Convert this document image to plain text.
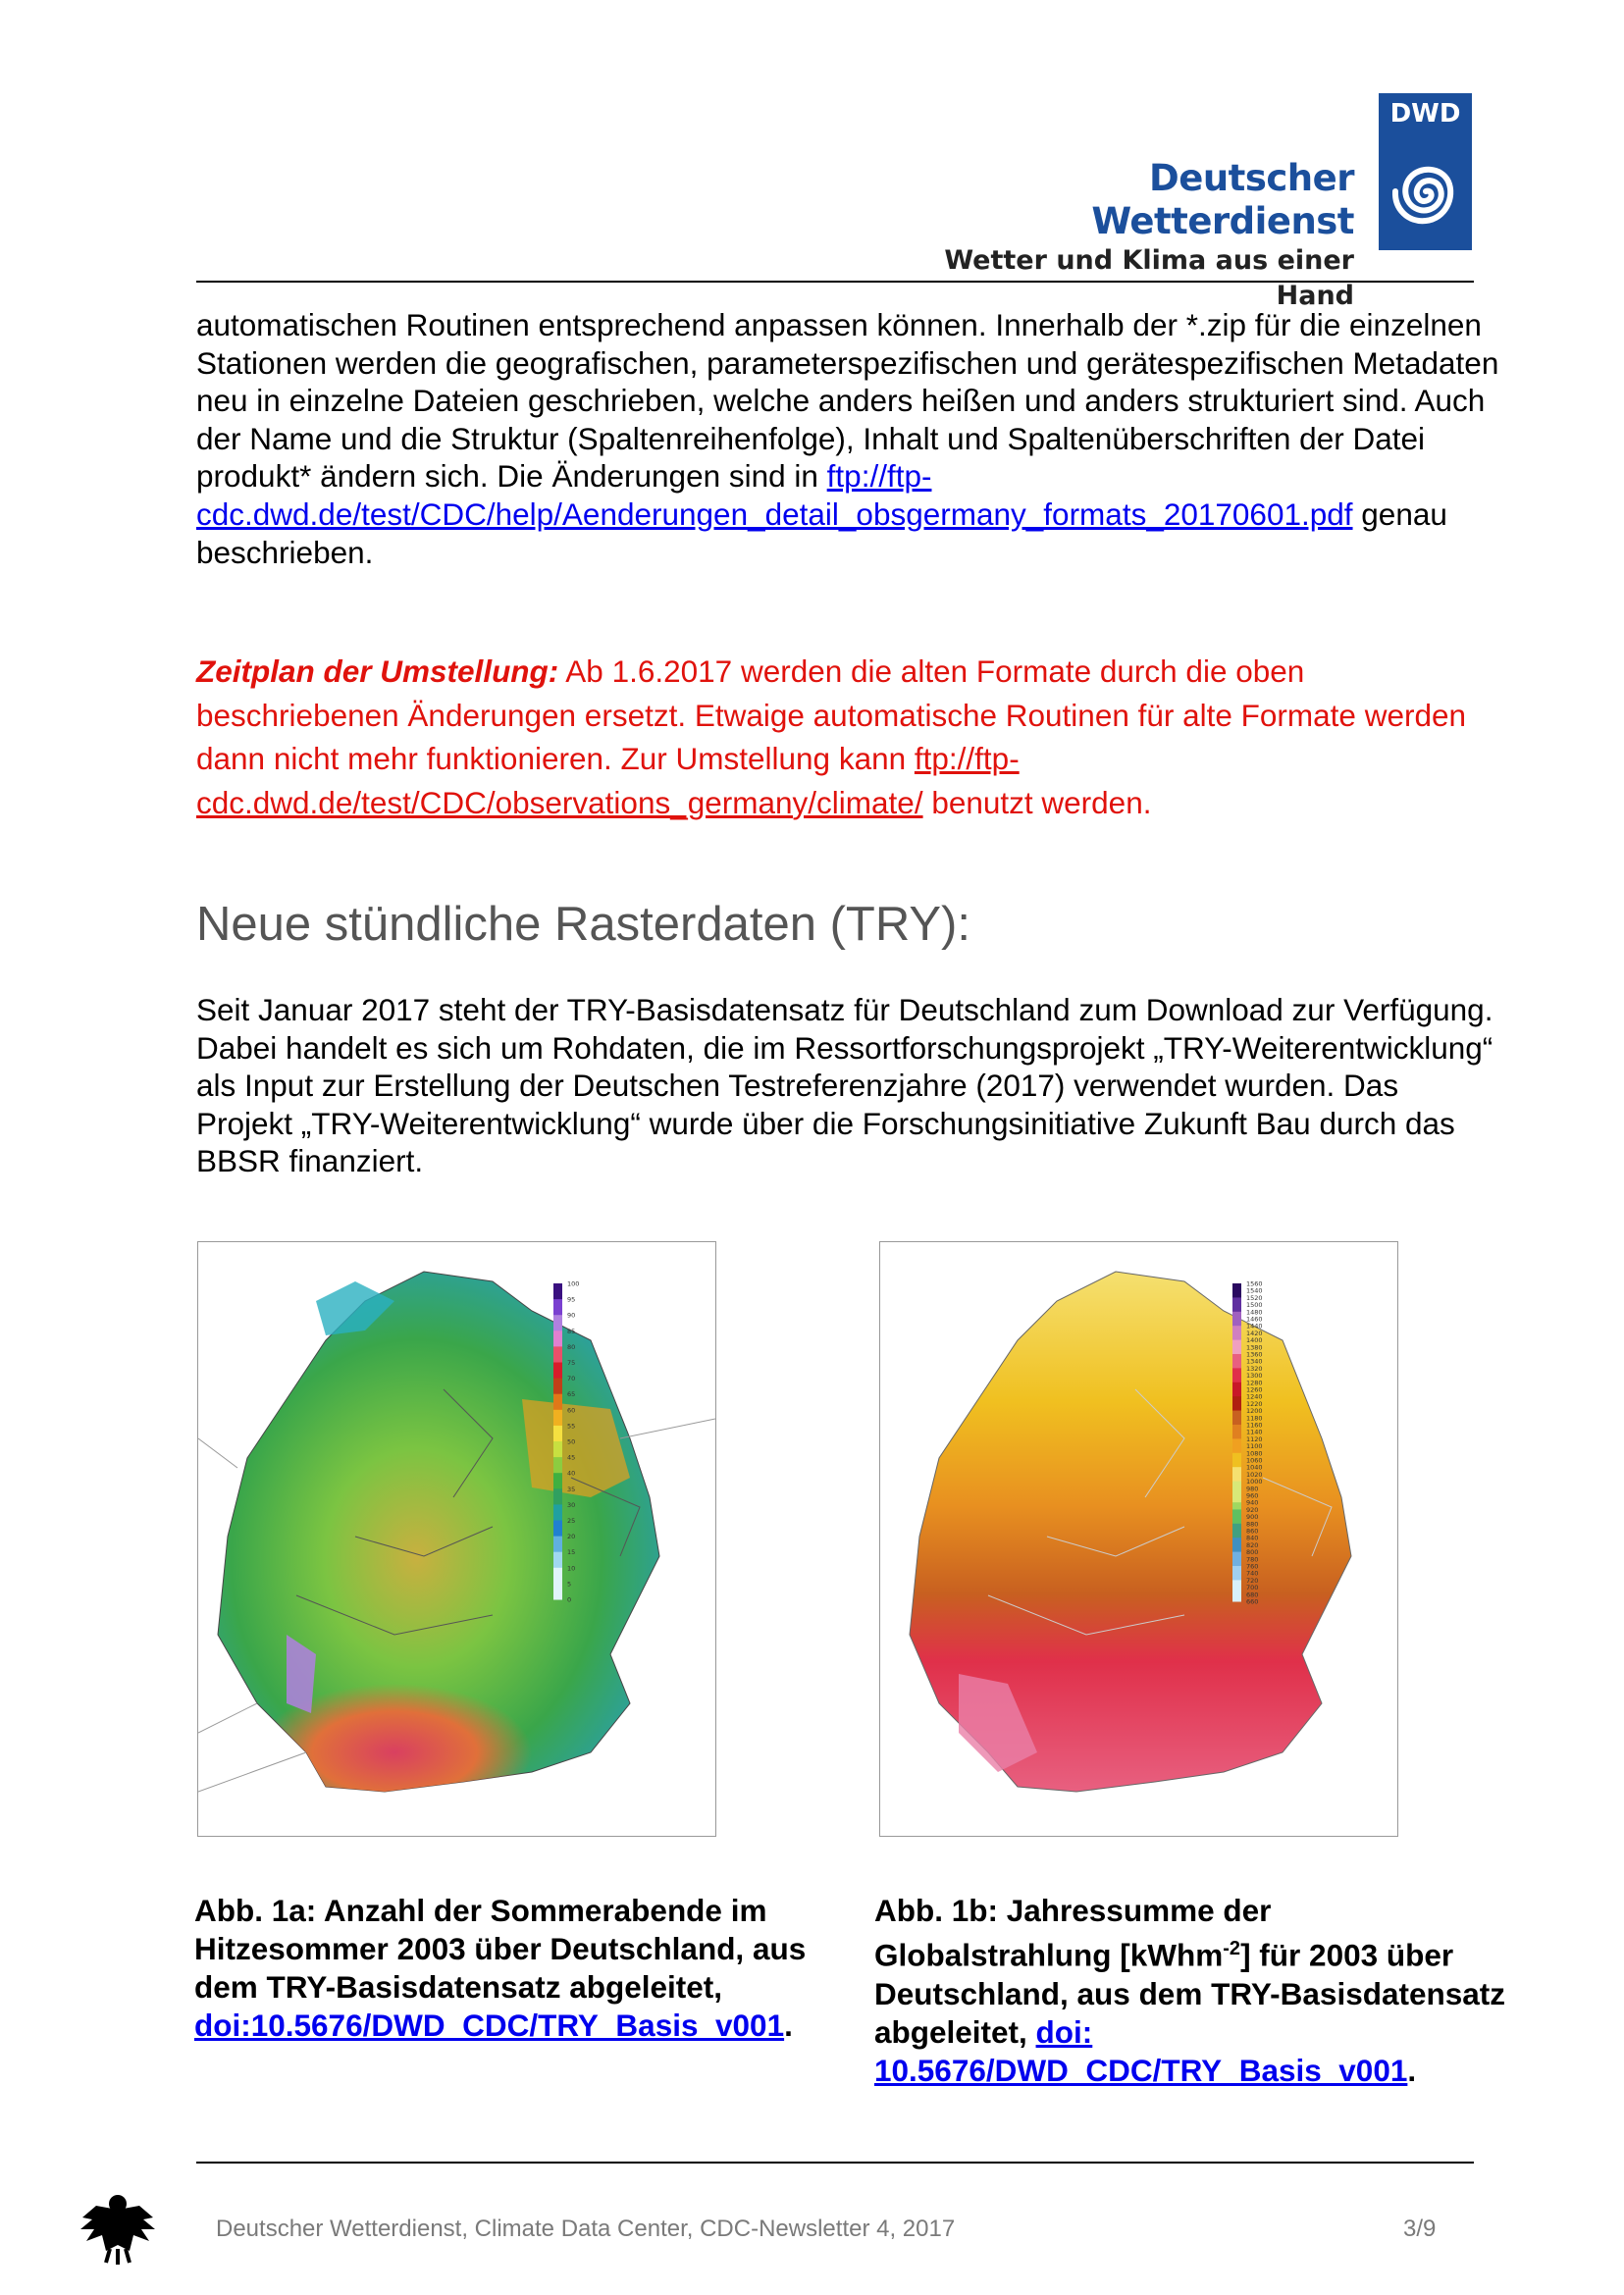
Deutscher Wetterdienst
Wetter und Klima aus einer Hand
DWD
automatischen Routinen entsprechend anpassen können. Innerhalb der *.zip für die einzelnen Stationen werden die geografischen, parameterspezifischen und gerätespezifischen Metadaten neu in einzelne Dateien geschrieben, welche anders heißen und anders strukturiert sind. Auch der Name und die Struktur (Spaltenreihenfolge), Inhalt und Spaltenüberschriften der Datei produkt* ändern sich. Die Änderungen sind in ftp://ftp-cdc.dwd.de/test/CDC/help/Aenderungen_detail_obsgermany_formats_20170601.pdf genau beschrieben.
Zeitplan der Umstellung: Ab 1.6.2017 werden die alten Formate durch die oben beschriebenen Änderungen ersetzt. Etwaige automatische Routinen für alte Formate werden dann nicht mehr funktionieren. Zur Umstellung kann ftp://ftp-cdc.dwd.de/test/CDC/observations_germany/climate/ benutzt werden.
Neue stündliche Rasterdaten (TRY):
Seit Januar 2017 steht der TRY-Basisdatensatz für Deutschland zum Download zur Verfügung. Dabei handelt es sich um Rohdaten, die im Ressortforschungsprojekt „TRY-Weiterentwicklung“ als Input zur Erstellung der Deutschen Testreferenzjahre (2017) verwendet wurden. Das Projekt „TRY-Weiterentwicklung“ wurde über die Forschungsinitiative Zukunft Bau durch das BBSR finanziert.
100
95
90
85
80
75
70
65
60
55
50
45
40
35
30
25
20
15
10
5
0
1560
1540
1520
1500
1480
1460
1440
1420
1400
1380
1360
1340
1320
1300
1280
1260
1240
1220
1200
1180
1160
1140
1120
1100
1080
1060
1040
1020
1000
980
960
940
920
900
880
860
840
820
800
780
760
740
720
700
680
660
Abb. 1a: Anzahl der Sommerabende im Hitzesommer 2003 über Deutschland, aus dem TRY-Basisdatensatz abgeleitet, doi:10.5676/DWD_CDC/TRY_Basis_v001.
Abb. 1b: Jahressumme der Globalstrahlung [kWhm$^{-2}$] für 2003 über Deutschland, aus dem TRY-Basisdatensatz abgeleitet, doi: 10.5676/DWD_CDC/TRY_Basis_v001.
Deutscher Wetterdienst, Climate Data Center, CDC-Newsletter 4, 2017	3/9
